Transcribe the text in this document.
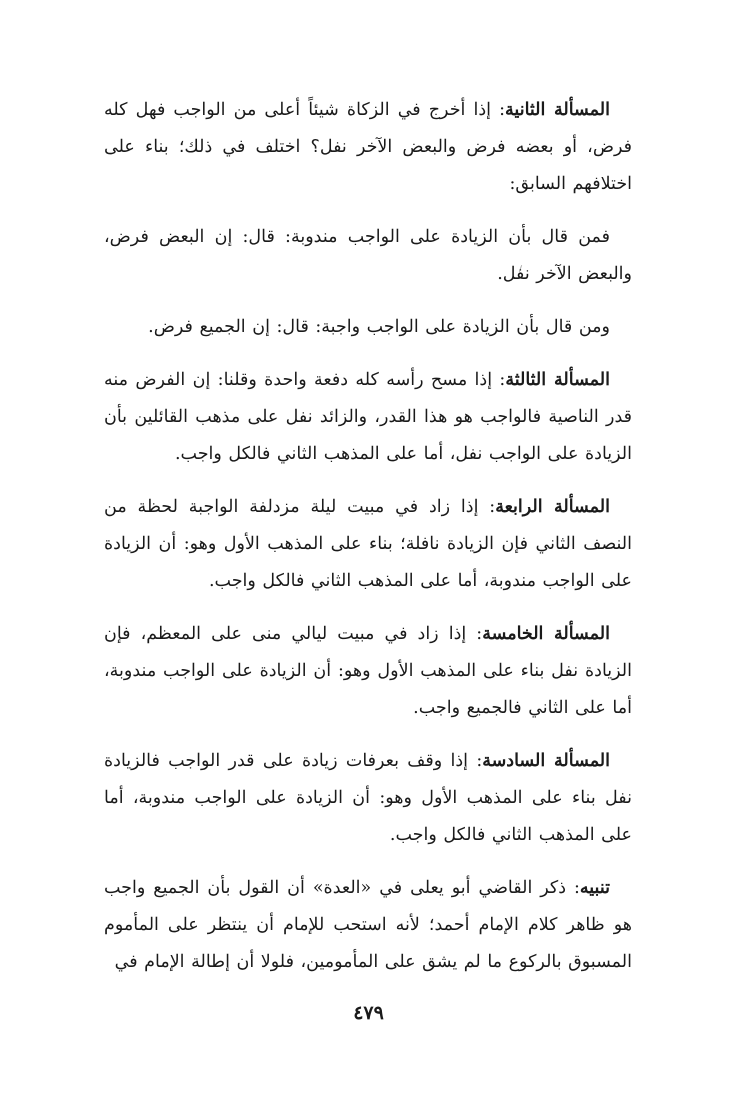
المسألة الثانية: إذا أخرج في الزكاة شيئاً أعلى من الواجب فهل كله فرض، أو بعضه فرض والبعض الآخر نفل؟ اختلف في ذلك؛ بناء على اختلافهم السابق:

فمن قال بأن الزيادة على الواجب مندوبة: قال: إن البعض فرض، والبعض الآخر نفل.

ومن قال بأن الزيادة على الواجب واجبة: قال: إن الجميع فرض.

المسألة الثالثة: إذا مسح رأسه كله دفعة واحدة وقلنا: إن الفرض منه قدر الناصية فالواجب هو هذا القدر، والزائد نفل على مذهب القائلين بأن الزيادة على الواجب نفل، أما على المذهب الثاني فالكل واجب.

المسألة الرابعة: إذا زاد في مبيت ليلة مزدلفة الواجبة لحظة من النصف الثاني فإن الزيادة نافلة؛ بناء على المذهب الأول وهو: أن الزيادة على الواجب مندوبة، أما على المذهب الثاني فالكل واجب.

المسألة الخامسة: إذا زاد في مبيت ليالي منى على المعظم، فإن الزيادة نفل بناء على المذهب الأول وهو: أن الزيادة على الواجب مندوبة، أما على الثاني فالجميع واجب.

المسألة السادسة: إذا وقف بعرفات زيادة على قدر الواجب فالزيادة نفل بناء على المذهب الأول وهو: أن الزيادة على الواجب مندوبة، أما على المذهب الثاني فالكل واجب.

تنبيه: ذكر القاضي أبو يعلى في «العدة» أن القول بأن الجميع واجب هو ظاهر كلام الإمام أحمد؛ لأنه استحب للإمام أن ينتظر على المأموم المسبوق بالركوع ما لم يشق على المأمومين، فلولا أن إطالة الإمام في

٤٧٩
